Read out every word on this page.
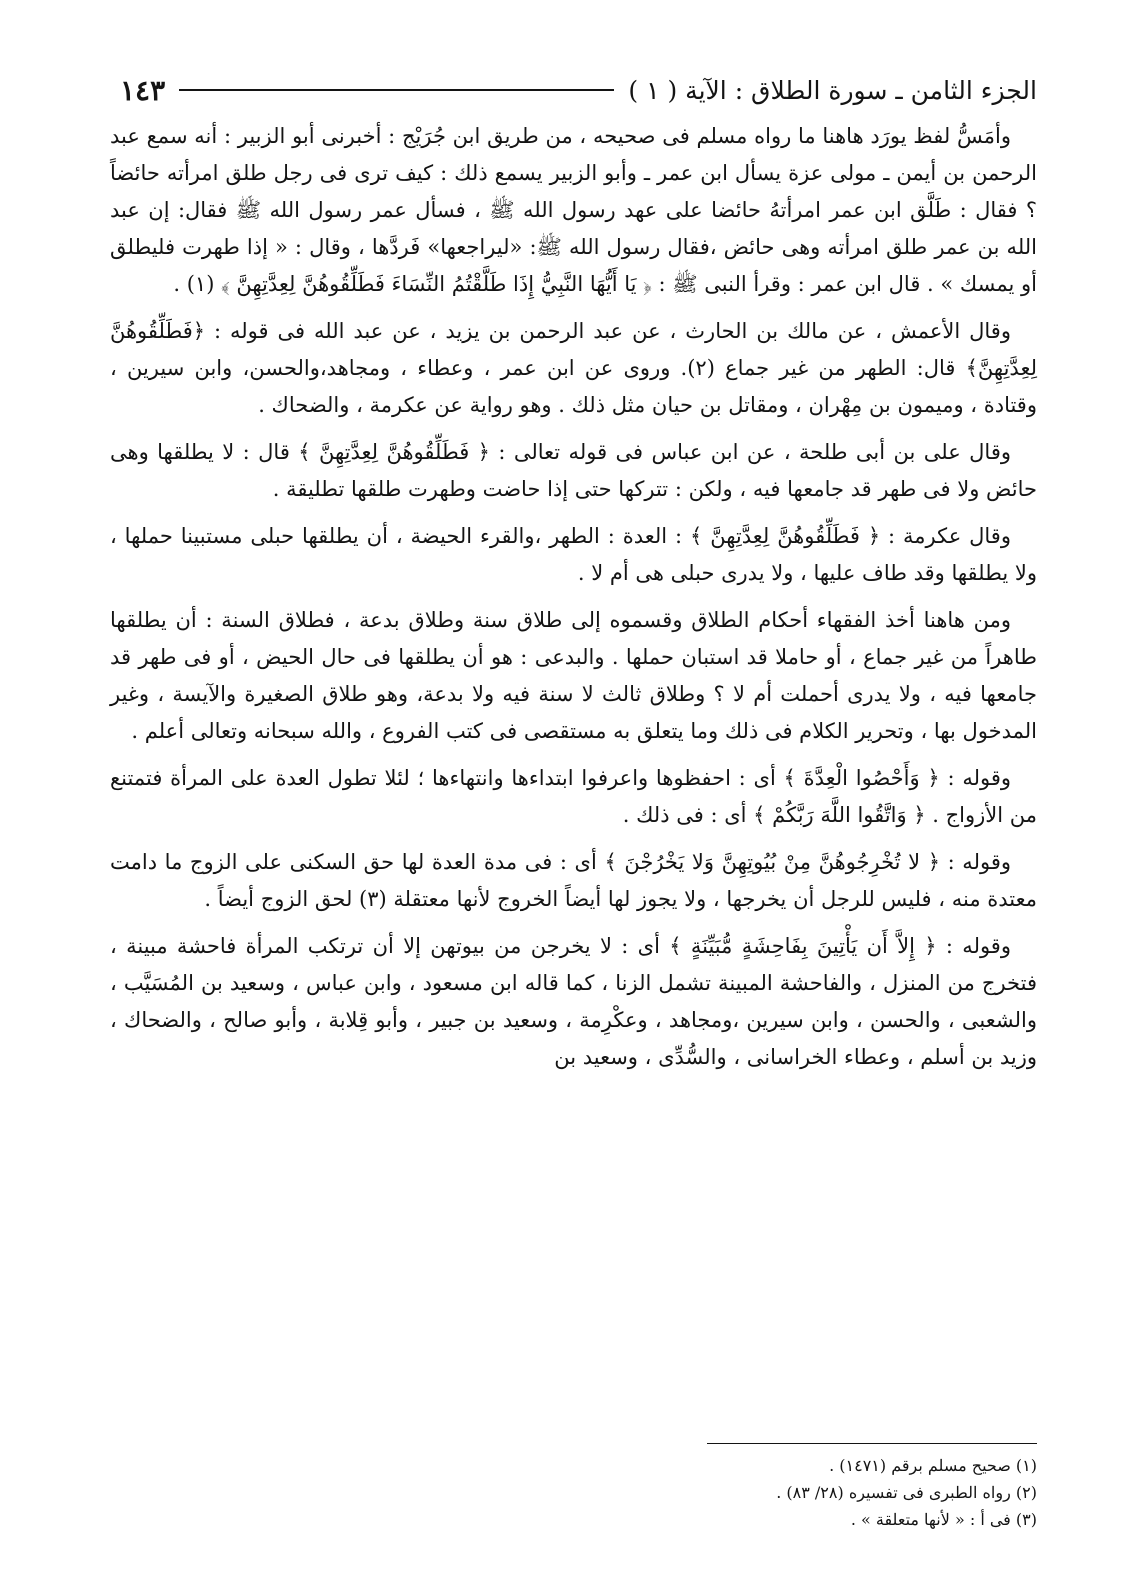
الجزء الثامن ـ سورة الطلاق : الآية ( ١ )
١٤٣

وأمَسُّ لفظ يورَد هاهنا ما رواه مسلم فى صحيحه ، من طريق ابن جُرَيْج : أخبرنى أبو الزبير : أنه سمع عبد الرحمن بن أيمن ـ مولى عزة يسأل ابن عمر ـ وأبو الزبير يسمع ذلك : كيف ترى فى رجل طلق امرأته حائضاً ؟ فقال : طَلَّق ابن عمر امرأتهُ حائضا على عهد رسول الله ﷺ ، فسأل عمر رسول الله ﷺ فقال: إن عبد الله بن عمر طلق امرأته وهى حائض ،فقال رسول الله ﷺ: «ليراجعها» فَردَّها ، وقال : « إذا طهرت فليطلق أو يمسك » . قال ابن عمر : وقرأ النبى ﷺ : ﴿ يَا أَيُّهَا النَّبِيُّ إِذَا طَلَّقْتُمُ النِّسَاءَ فَطَلِّقُوهُنَّ لِعِدَّتِهِنَّ ﴾ (١) .

وقال الأعمش ، عن مالك بن الحارث ، عن عبد الرحمن بن يزيد ، عن عبد الله فى قوله : ﴿فَطَلِّقُوهُنَّ لِعِدَّتِهِنَّ﴾ قال: الطهر من غير جماع (٢). وروى عن ابن عمر ، وعطاء ، ومجاهد،والحسن، وابن سيرين ، وقتادة ، وميمون بن مِهْران ، ومقاتل بن حيان مثل ذلك . وهو رواية عن عكرمة ، والضحاك .

وقال على بن أبى طلحة ، عن ابن عباس فى قوله تعالى : ﴿ فَطَلِّقُوهُنَّ لِعِدَّتِهِنَّ ﴾ قال : لا يطلقها وهى حائض ولا فى طهر قد جامعها فيه ، ولكن : تتركها حتى إذا حاضت وطهرت طلقها تطليقة .

وقال عكرمة : ﴿ فَطَلِّقُوهُنَّ لِعِدَّتِهِنَّ ﴾ : العدة : الطهر ،والقرء الحيضة ، أن يطلقها حبلى مستبينا حملها ، ولا يطلقها وقد طاف عليها ، ولا يدرى حبلى هى أم لا .

ومن هاهنا أخذ الفقهاء أحكام الطلاق وقسموه إلى طلاق سنة وطلاق بدعة ، فطلاق السنة : أن يطلقها طاهراً من غير جماع ، أو حاملا قد استبان حملها . والبدعى : هو أن يطلقها فى حال الحيض ، أو فى طهر قد جامعها فيه ، ولا يدرى أحملت أم لا ؟ وطلاق ثالث لا سنة فيه ولا بدعة، وهو طلاق الصغيرة والآيسة ، وغير المدخول بها ، وتحرير الكلام فى ذلك وما يتعلق به مستقصى فى كتب الفروع ، والله سبحانه وتعالى أعلم .

وقوله : ﴿ وَأَحْصُوا الْعِدَّةَ ﴾ أى : احفظوها واعرفوا ابتداءها وانتهاءها ؛ لئلا تطول العدة على المرأة فتمتنع من الأزواج . ﴿ وَاتَّقُوا اللَّهَ رَبَّكُمْ ﴾ أى : فى ذلك .

وقوله : ﴿ لا تُخْرِجُوهُنَّ مِنْ بُيُوتِهِنَّ وَلا يَخْرُجْنَ ﴾ أى : فى مدة العدة لها حق السكنى على الزوج ما دامت معتدة منه ، فليس للرجل أن يخرجها ، ولا يجوز لها أيضاً الخروج لأنها معتقلة (٣) لحق الزوج أيضاً .

وقوله : ﴿ إِلاَّ أَن يَأْتِينَ بِفَاحِشَةٍ مُّبَيِّنَةٍ ﴾ أى : لا يخرجن من بيوتهن إلا أن ترتكب المرأة فاحشة مبينة ، فتخرج من المنزل ، والفاحشة المبينة تشمل الزنا ، كما قاله ابن مسعود ، وابن عباس ، وسعيد بن المُسَيَّب ، والشعبى ، والحسن ، وابن سيرين ،ومجاهد ، وعكْرِمة ، وسعيد بن جبير ، وأبو قِلابة ، وأبو صالح ، والضحاك ، وزيد بن أسلم ، وعطاء الخراسانى ، والسُّدِّى ، وسعيد بن

(١) صحيح مسلم برقم (١٤٧١) .

(٢) رواه الطبرى فى تفسيره (٢٨/ ٨٣) .

(٣) فى أ : « لأنها متعلقة » .
